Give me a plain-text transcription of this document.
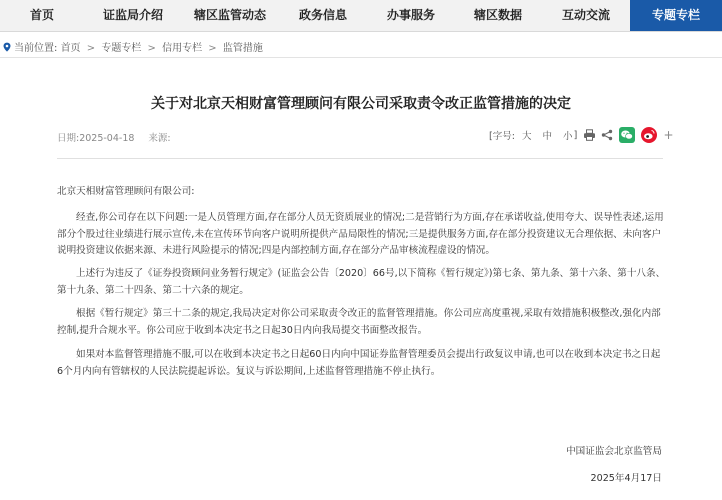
首页	证监局介绍	辖区监管动态	政务信息	办事服务	辖区数据	互动交流	专题专栏
当前位置: 首页 > 专题专栏 > 信用专栏 > 监管措施
关于对北京天相财富管理顾问有限公司采取责令改正监管措施的决定
日期:2025-04-18 来源:	[字号: 大 中 小]	+
北京天相财富管理顾问有限公司:
经查,你公司存在以下问题:一是人员管理方面,存在部分人员无资质展业的情况;二是营销行为方面,存在承诺收益,使用夸大、误导性表述,运用部分个股过往业绩进行展示宣传,未在宣传环节向客户说明所提供产品局限性的情况;三是提供服务方面,存在部分投资建议无合理依据、未向客户说明投资建议依据来源、未进行风险提示的情况;四是内部控制方面,存在部分产品审核流程虚设的情况。
上述行为违反了《证券投资顾问业务暂行规定》(证监会公告〔2020〕66号,以下简称《暂行规定》)第七条、第九条、第十六条、第十八条、第十九条、第二十四条、第二十六条的规定。
根据《暂行规定》第三十二条的规定,我局决定对你公司采取责令改正的监督管理措施。你公司应高度重视,采取有效措施积极整改,强化内部控制,提升合规水平。你公司应于收到本决定书之日起30日内向我局提交书面整改报告。
如果对本监督管理措施不服,可以在收到本决定书之日起60日内向中国证券监督管理委员会提出行政复议申请,也可以在收到本决定书之日起6个月内向有管辖权的人民法院提起诉讼。复议与诉讼期间,上述监督管理措施不停止执行。
中国证监会北京监管局
2025年4月17日
